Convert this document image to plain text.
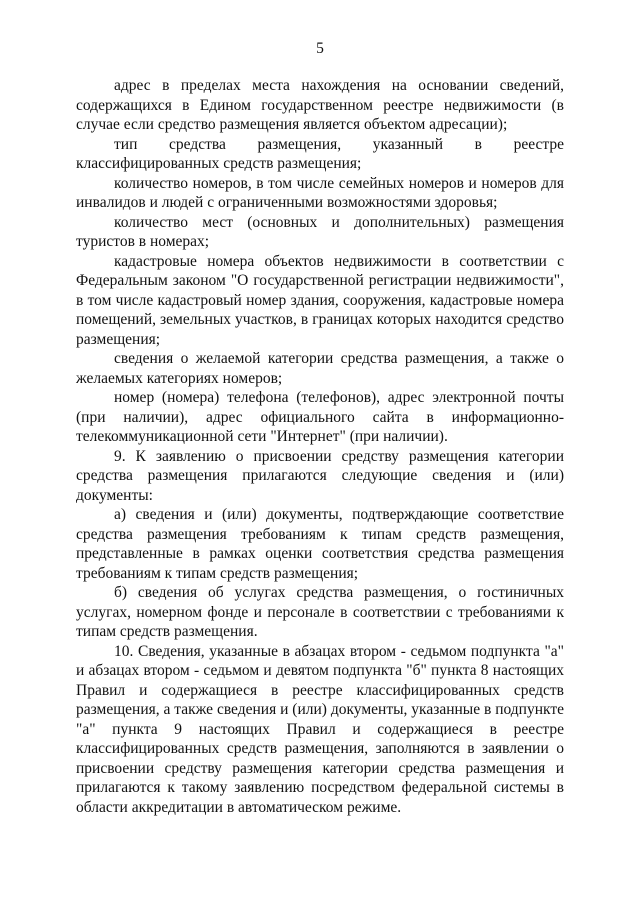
5

адрес в пределах места нахождения на основании сведений, содержащихся в Едином государственном реестре недвижимости (в случае если средство размещения является объектом адресации);

тип средства размещения, указанный в реестре классифицированных средств размещения;

количество номеров, в том числе семейных номеров и номеров для инвалидов и людей с ограниченными возможностями здоровья;

количество мест (основных и дополнительных) размещения туристов в номерах;

кадастровые номера объектов недвижимости в соответствии с Федеральным законом "О государственной регистрации недвижимости", в том числе кадастровый номер здания, сооружения, кадастровые номера помещений, земельных участков, в границах которых находится средство размещения;

сведения о желаемой категории средства размещения, а также о желаемых категориях номеров;

номер (номера) телефона (телефонов), адрес электронной почты (при наличии), адрес официального сайта в информационно-телекоммуникационной сети "Интернет" (при наличии).

9. К заявлению о присвоении средству размещения категории средства размещения прилагаются следующие сведения и (или) документы:

а) сведения и (или) документы, подтверждающие соответствие средства размещения требованиям к типам средств размещения, представленные в рамках оценки соответствия средства размещения требованиям к типам средств размещения;

б) сведения об услугах средства размещения, о гостиничных услугах, номерном фонде и персонале в соответствии с требованиями к типам средств размещения.

10. Сведения, указанные в абзацах втором - седьмом подпункта "а" и абзацах втором - седьмом и девятом подпункта "б" пункта 8 настоящих Правил и содержащиеся в реестре классифицированных средств размещения, а также сведения и (или) документы, указанные в подпункте "а" пункта 9 настоящих Правил и содержащиеся в реестре классифицированных средств размещения, заполняются в заявлении о присвоении средству размещения категории средства размещения и прилагаются к такому заявлению посредством федеральной системы в области аккредитации в автоматическом режиме.
